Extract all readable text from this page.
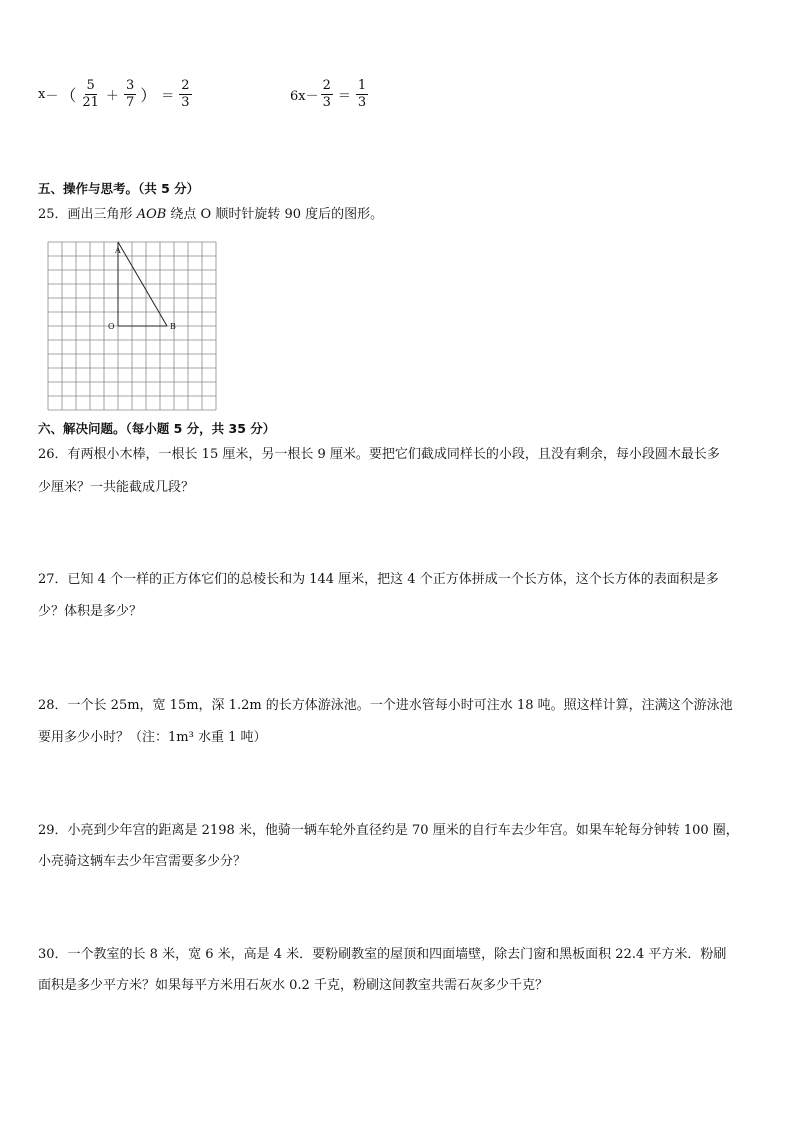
x － （ $\frac{5}{21} + \frac{3}{7}$ ） ＝ $\frac{2}{3}$	$6x- \frac{2}{3} = \frac{1}{3}$
五、操作与思考。（共 5 分）
25．画出三角形 AOB 绕点 O 顺时针旋转 90 度后的图形。
A
O	B
六、解决问题。（每小题 5 分，共 35 分）
26．有两根小木棒，一根长 15 厘米，另一根长 9 厘米。要把它们截成同样长的小段，且没有剩余，每小段圆木最长多
少厘米？一共能截成几段？
27．已知 4 个一样的正方体它们的总棱长和为 144 厘米，把这 4 个正方体拼成一个长方体，这个长方体的表面积是多
少？体积是多少？
28．一个长 25m，宽 15m，深 1.2m 的长方体游泳池。一个进水管每小时可注水 18 吨。照这样计算，注满这个游泳池
要用多少小时？（注：1m³ 水重 1 吨）
29．小亮到少年宫的距离是 2198 米，他骑一辆车轮外直径约是 70 厘米的自行车去少年宫。如果车轮每分钟转 100 圈，
小亮骑这辆车去少年宫需要多少分？
30．一个教室的长 8 米，宽 6 米，高是 4 米．要粉刷教室的屋顶和四面墙壁，除去门窗和黑板面积 22.4 平方米．粉刷
面积是多少平方米？如果每平方米用石灰水 0.2 千克，粉刷这间教室共需石灰多少千克？
